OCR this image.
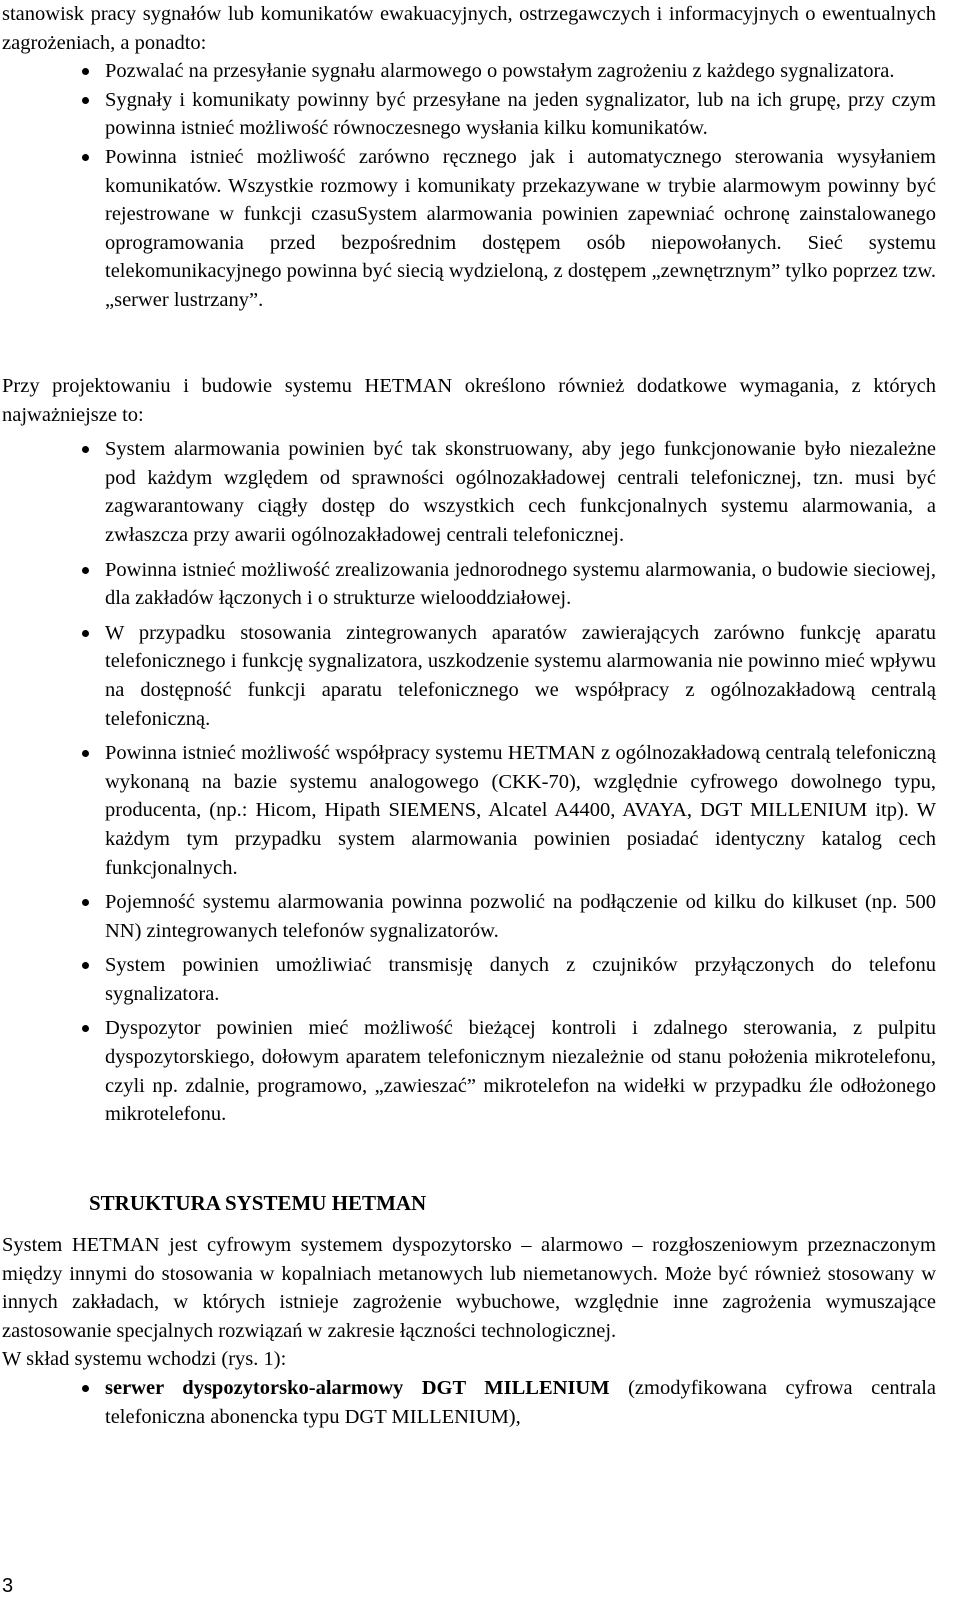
stanowisk pracy sygnałów lub komunikatów ewakuacyjnych, ostrzegawczych i informacyjnych o ewentualnych zagrożeniach, a ponadto:

Pozwalać na przesyłanie sygnału alarmowego o powstałym zagrożeniu z każdego sygnalizatora.
Sygnały i komunikaty powinny być przesyłane na jeden sygnalizator, lub na ich grupę, przy czym powinna istnieć możliwość równoczesnego wysłania kilku komunikatów.
Powinna istnieć możliwość zarówno ręcznego jak i automatycznego sterowania wysyłaniem komunikatów. Wszystkie rozmowy i komunikaty przekazywane w trybie alarmowym powinny być rejestrowane w funkcji czasuSystem alarmowania powinien zapewniać ochronę zainstalowanego oprogramowania przed bezpośrednim dostępem osób niepowołanych. Sieć systemu telekomunikacyjnego powinna być siecią wydzieloną, z dostępem „zewnętrznym” tylko poprzez tzw. „serwer lustrzany”.

Przy projektowaniu i budowie systemu HETMAN określono również dodatkowe wymagania, z których najważniejsze to:

System alarmowania powinien być tak skonstruowany, aby jego funkcjonowanie było niezależne pod każdym względem od sprawności ogólnozakładowej centrali telefonicznej, tzn. musi być zagwarantowany ciągły dostęp do wszystkich cech funkcjonalnych systemu alarmowania, a zwłaszcza przy awarii ogólnozakładowej centrali telefonicznej.
Powinna istnieć możliwość zrealizowania jednorodnego systemu alarmowania, o budowie sieciowej, dla zakładów łączonych i o strukturze wielooddziałowej.
W przypadku stosowania zintegrowanych aparatów zawierających zarówno funkcję aparatu telefonicznego i funkcję sygnalizatora, uszkodzenie systemu alarmowania nie powinno mieć wpływu na dostępność funkcji aparatu telefonicznego we współpracy z ogólnozakładową centralą telefoniczną.
Powinna istnieć możliwość współpracy systemu HETMAN z ogólnozakładową centralą telefoniczną wykonaną na bazie systemu analogowego (CKK-70), względnie cyfrowego dowolnego typu, producenta, (np.: Hicom, Hipath SIEMENS, Alcatel A4400, AVAYA, DGT MILLENIUM itp). W każdym tym przypadku system alarmowania powinien posiadać identyczny katalog cech funkcjonalnych.
Pojemność systemu alarmowania powinna pozwolić na podłączenie od kilku do kilkuset (np. 500 NN) zintegrowanych telefonów sygnalizatorów.
System powinien umożliwiać transmisję danych z czujników przyłączonych do telefonu sygnalizatora.
Dyspozytor powinien mieć możliwość bieżącej kontroli i zdalnego sterowania, z pulpitu dyspozytorskiego, dołowym aparatem telefonicznym niezależnie od stanu położenia mikrotelefonu, czyli np. zdalnie, programowo, „zawieszać” mikrotelefon na widełki w przypadku źle odłożonego mikrotelefonu.
STRUKTURA SYSTEMU HETMAN

System HETMAN jest cyfrowym systemem dyspozytorsko – alarmowo – rozgłoszeniowym przeznaczonym między innymi do stosowania w kopalniach metanowych lub niemetanowych. Może być również stosowany w innych zakładach, w których istnieje zagrożenie wybuchowe, względnie inne zagrożenia wymuszające zastosowanie specjalnych rozwiązań w zakresie łączności technologicznej.

W skład systemu wchodzi (rys. 1):

serwer dyspozytorsko-alarmowy DGT MILLENIUM (zmodyfikowana cyfrowa centrala telefoniczna abonencka typu DGT MILLENIUM),
3
